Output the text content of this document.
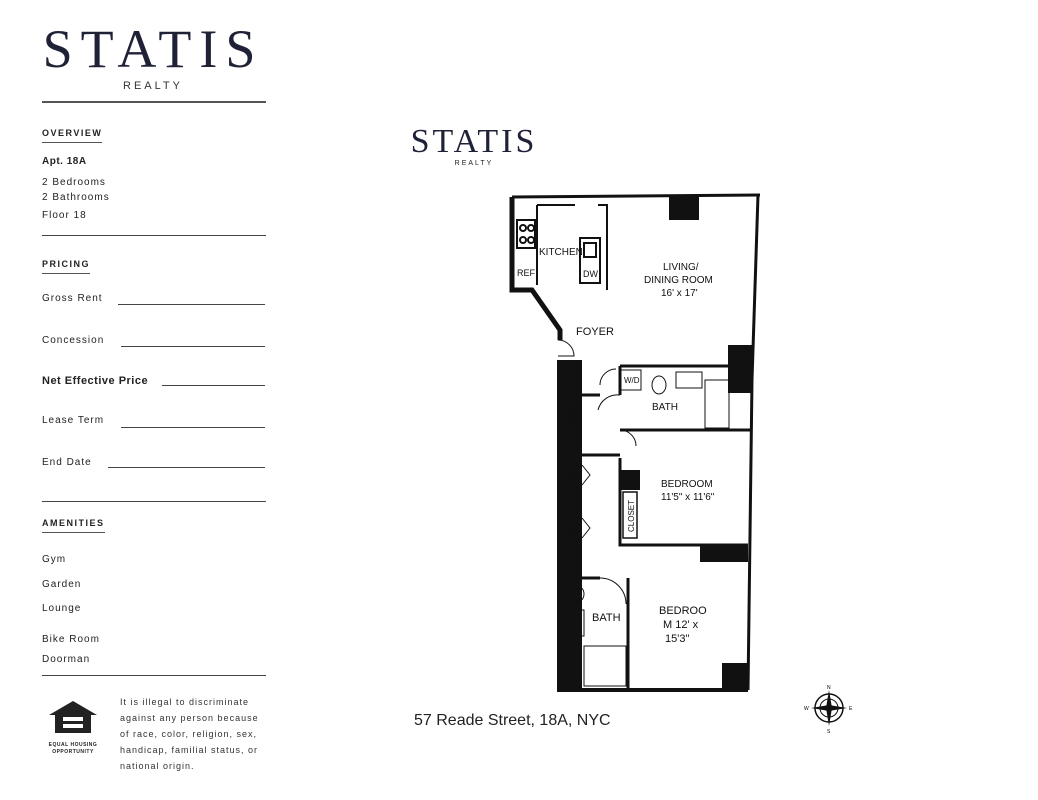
STATIS
REALTY
OVERVIEW
Apt. 18A
2 Bedrooms
2 Bathrooms
Floor 18
PRICING
Gross Rent
Concession
Net Effective Price
Lease Term
End Date
AMENITIES
Gym
Garden
Lounge
Bike Room
Doorman
EQUAL HOUSING
OPPORTUNITY
It is illegal to discriminate against any person because of race, color, religion, sex, handicap, familial status, or national origin.
STATIS
REALTY
KITCHEN
REF	DW
LIVING/
DINING ROOM
16' x 17'
FOYER
W/D
BATH
CLOS
BEDROOM
11'5" x 11'6"
CLOSET
CLOSET
CLOSET
BATH
BEDROO
M 12' x
15'3"
57 Reade Street, 18A, NYC
N
S
E
W
